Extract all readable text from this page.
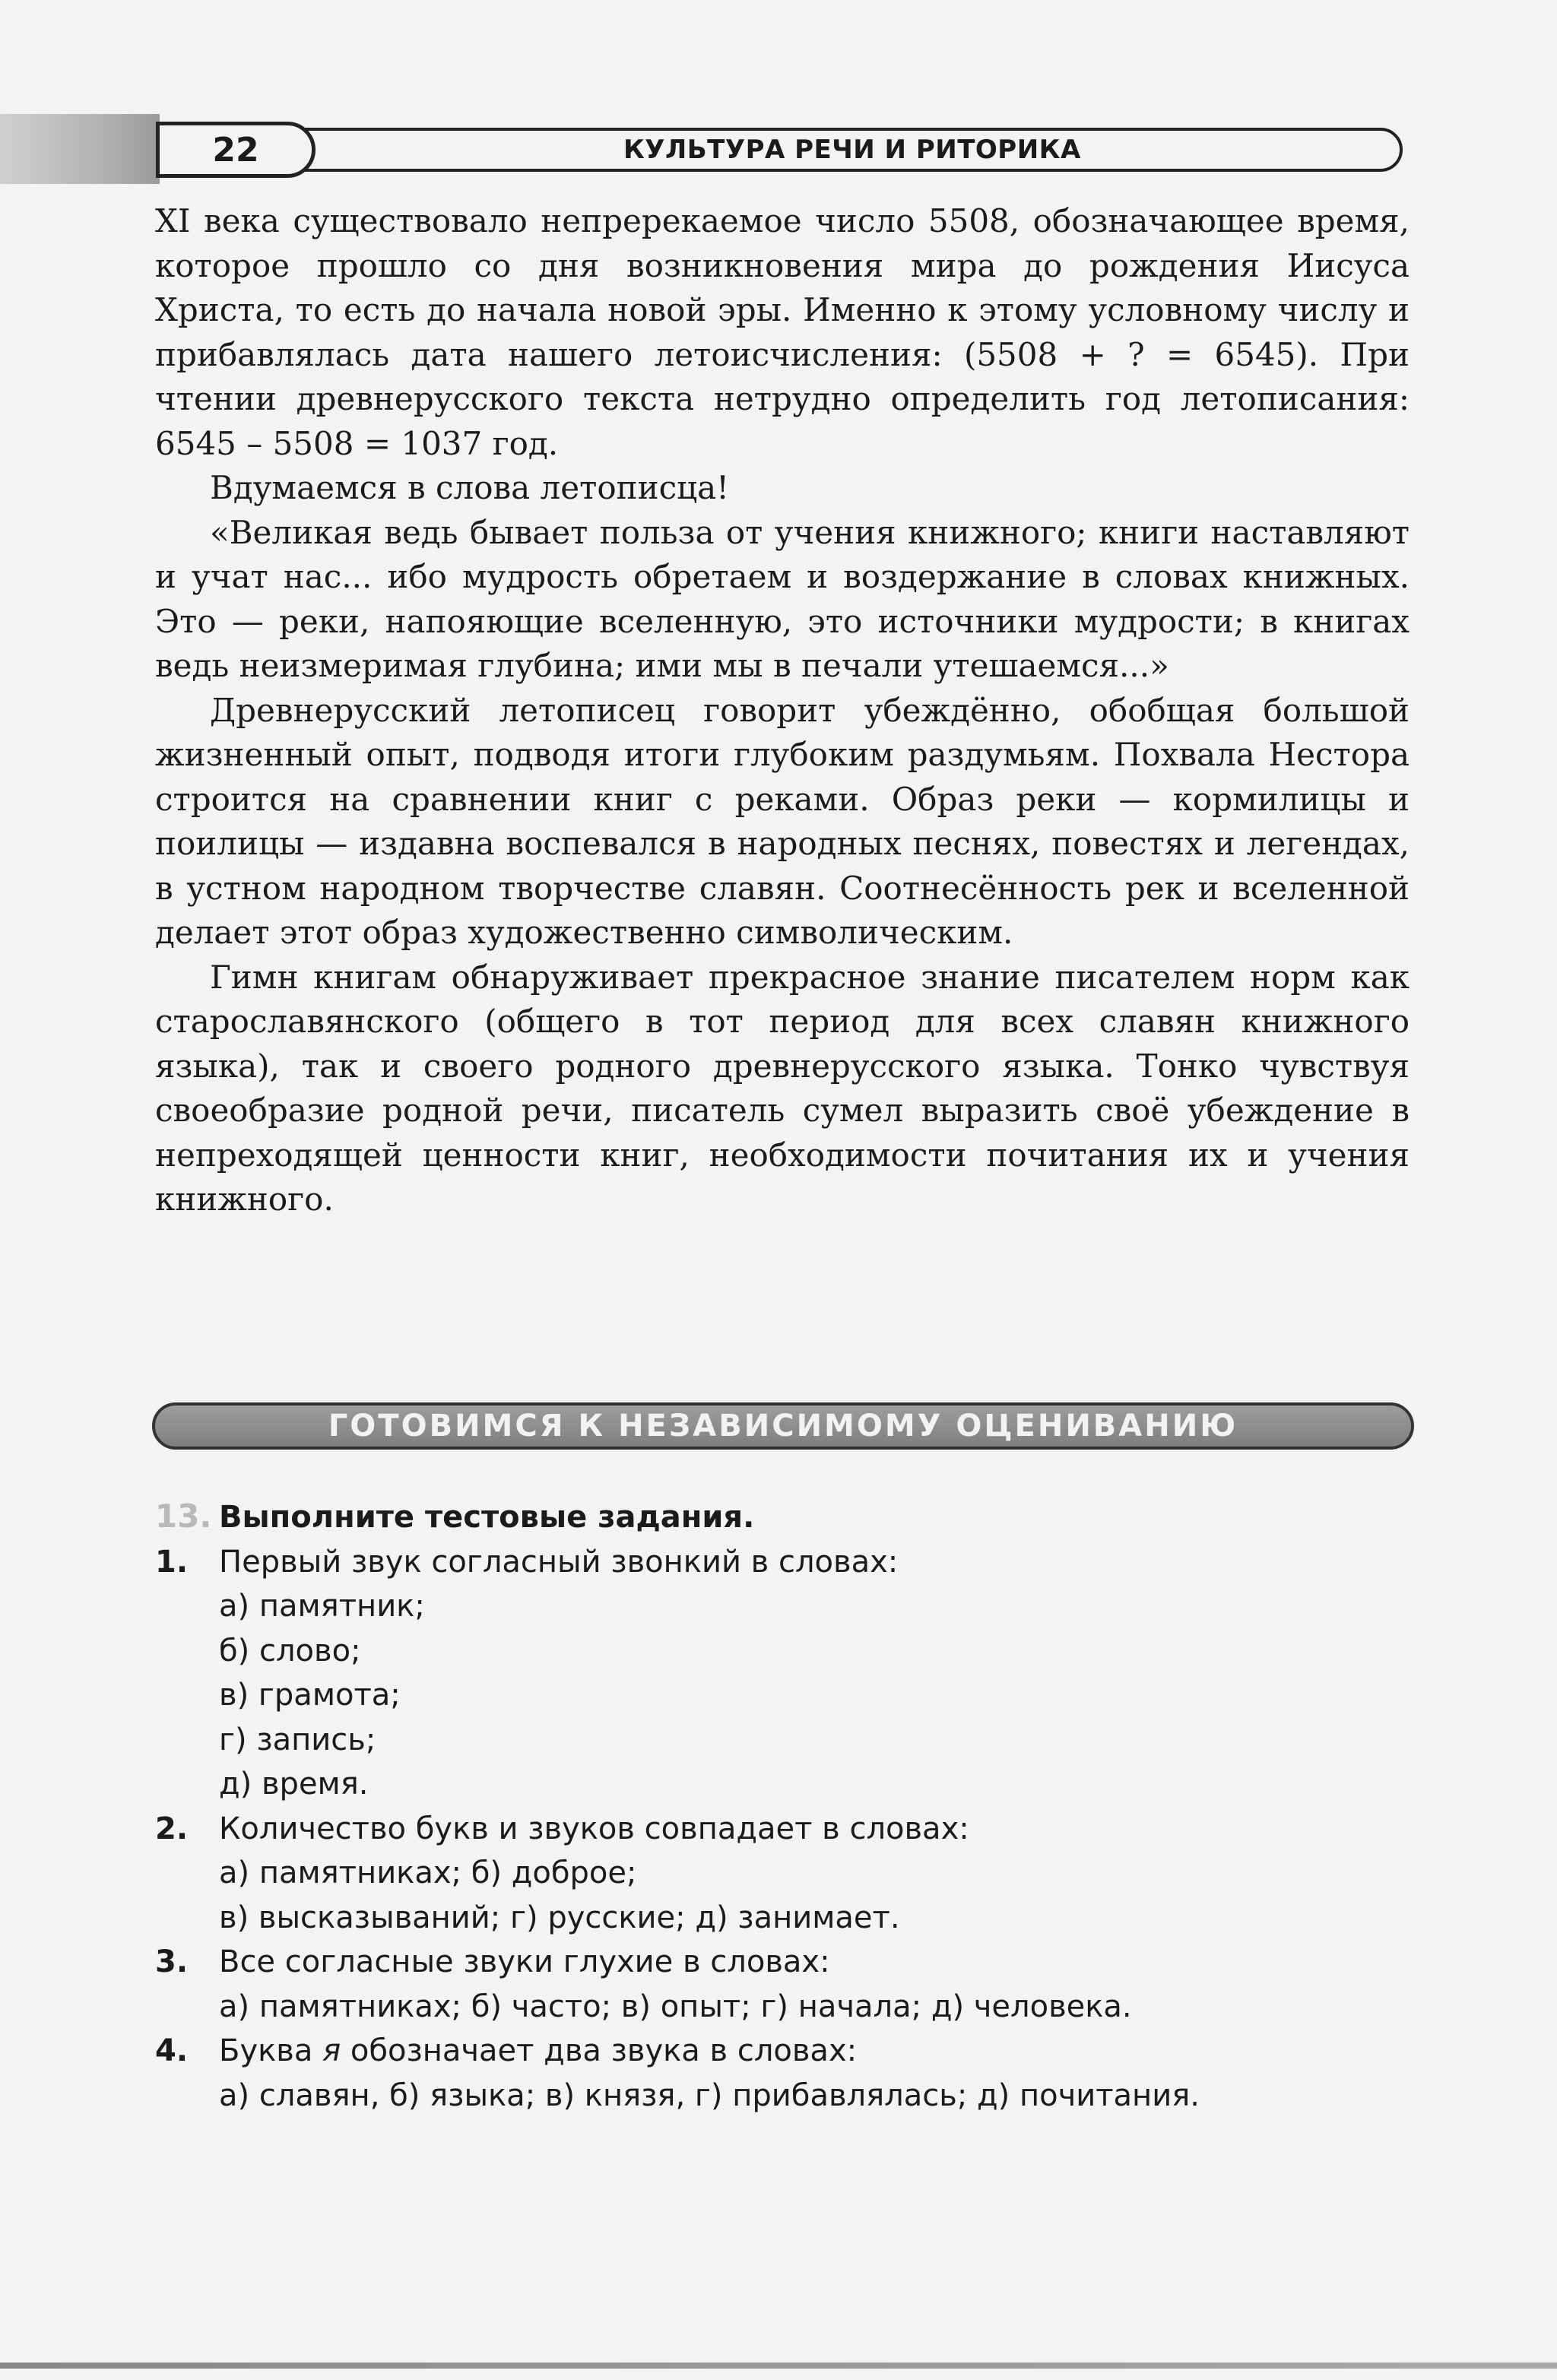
22	КУЛЬТУРА РЕЧИ И РИТОРИКА

XI века существовало непререкаемое число 5508, обозначающее время, которое прошло со дня возникновения мира до рождения Иисуса Христа, то есть до начала новой эры. Именно к этому условному числу и прибавлялась дата нашего летоисчисления: (5508 + ? = 6545). При чтении древнерусского текста нетрудно определить год летописания: 6545 – 5508 = 1037 год.

Вдумаемся в слова летописца!

«Великая ведь бывает польза от учения книжного; книги наставляют и учат нас... ибо мудрость обретаем и воздержание в словах книжных. Это — реки, напояющие вселенную, это источники мудрости; в книгах ведь неизмеримая глубина; ими мы в печали утешаемся...»

Древнерусский летописец говорит убеждённо, обобщая большой жизненный опыт, подводя итоги глубоким раздумьям. Похвала Нестора строится на сравнении книг с реками. Образ реки — кормилицы и поилицы — издавна воспевался в народных песнях, повестях и легендах, в устном народном творчестве славян. Соотнесённость рек и вселенной делает этот образ художественно символическим.

Гимн книгам обнаруживает прекрасное знание писателем норм как старославянского (общего в тот период для всех славян книжного языка), так и своего родного древнерусского языка. Тонко чувствуя своеобразие родной речи, писатель сумел выразить своё убеждение в непреходящей ценности книг, необходимости почитания их и учения книжного.

ГОТОВИМСЯ К НЕЗАВИСИМОМУ ОЦЕНИВАНИЮ
13. Выполните тестовые задания.
1.	Первый звук согласный звонкий в словах:
а) памятник;
б) слово;
в) грамота;
г) запись;
д) время.
2.	Количество букв и звуков совпадает в словах:
а) памятниках; б) доброе;
в) высказываний; г) русские; д) занимает.
3.	Все согласные звуки глухие в словах:
а) памятниках; б) часто; в) опыт; г) начала; д) человека.
4.	Буква я обозначает два звука в словах:
а) славян, б) языка; в) князя, г) прибавлялась; д) почитания.
